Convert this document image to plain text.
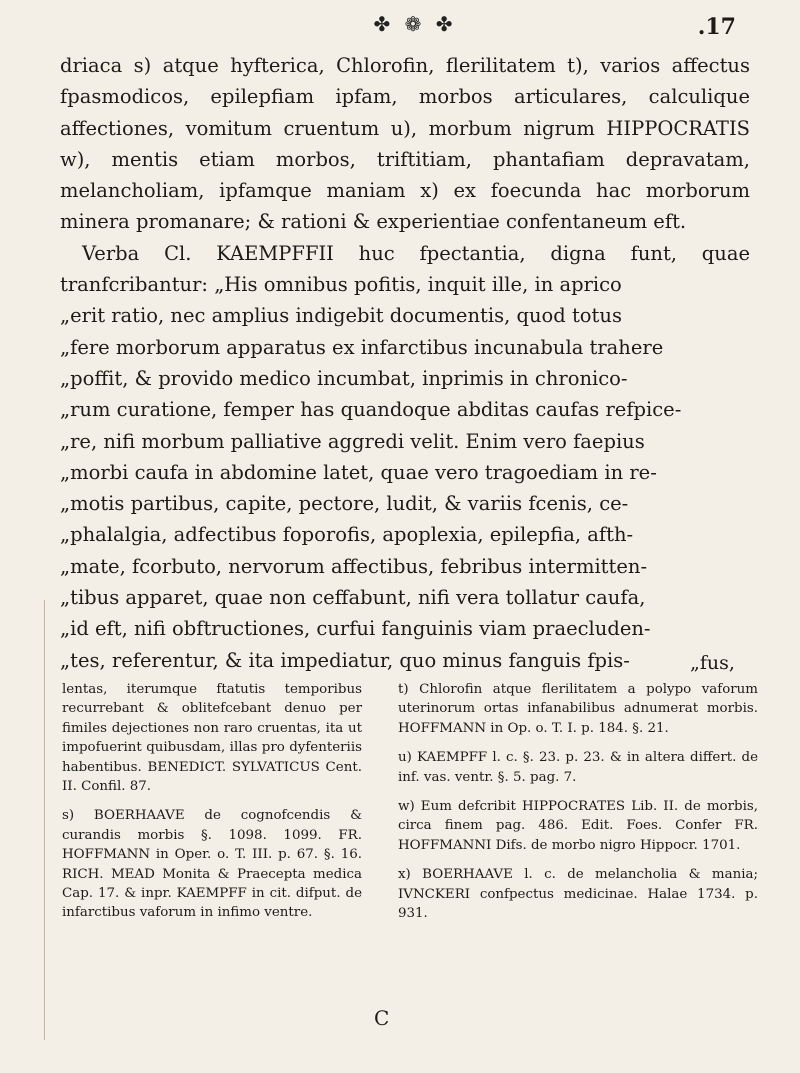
✤ ❁ ✤	.17

driaca s) atque hyfterica, Chlorofin, flerilitatem t), varios affectus fpasmodicos, epilepfiam ipfam, morbos articulares, calculique affectiones, vomitum cruentum u), morbum nigrum HIPPOCRATIS w), mentis etiam morbos, triftitiam, phantafiam depravatam, melancholiam, ipfamque maniam x) ex foecunda hac morborum minera promanare; & rationi & experientiae confentaneum eft.

Verba Cl. KAEMPFFII huc fpectantia, digna funt, quae tranfcribantur: „His omnibus pofitis, inquit ille, in aprico

„erit ratio, nec amplius indigebit documentis, quod totus
„fere morborum apparatus ex infarctibus incunabula trahere
„poffit, & provido medico incumbat, inprimis in chronico-
„rum curatione, femper has quandoque abditas caufas refpice-
„re, nifi morbum palliative aggredi velit. Enim vero faepius
„morbi caufa in abdomine latet, quae vero tragoediam in re-
„motis partibus, capite, pectore, ludit, & variis fcenis, ce-
„phalalgia, adfectibus foporofis, apoplexia, epilepfia, afth-
„mate, fcorbuto, nervorum affectibus, febribus intermitten-
„tibus apparet, quae non ceffabunt, nifi vera tollatur caufa,
„id eft, nifi obftructiones, curfui fanguinis viam praecluden-
„tes, referentur, & ita impediatur, quo minus fanguis fpis-	„fus,

lentas, iterumque ftatutis temporibus recurrebant & oblitefcebant denuo per fimiles dejectiones non raro cruentas, ita ut impofuerint quibusdam, illas pro dyfenteriis habentibus. BENEDICT. SYLVATICUS Cent. II. Confil. 87.

s) BOERHAAVE de cognofcendis & curandis morbis §. 1098. 1099. FR. HOFFMANN in Oper. o. T. III. p. 67. §. 16. RICH. MEAD Monita & Praecepta medica Cap. 17. & inpr. KAEMPFF in cit. difput. de infarctibus vaforum in infimo ventre.

t) Chlorofin atque flerilitatem a polypo vaforum uterinorum ortas infanabilibus adnumerat morbis. HOFFMANN in Op. o. T. I. p. 184. §. 21.

u) KAEMPFF l. c. §. 23. p. 23. & in altera differt. de inf. vas. ventr. §. 5. pag. 7.

w) Eum defcribit HIPPOCRATES Lib. II. de morbis, circa finem pag. 486. Edit. Foes. Confer FR. HOFFMANNI Difs. de morbo nigro Hippocr. 1701.

x) BOERHAAVE l. c. de melancholia & mania; IVNCKERI confpectus medicinae. Halae 1734. p. 931.

C
